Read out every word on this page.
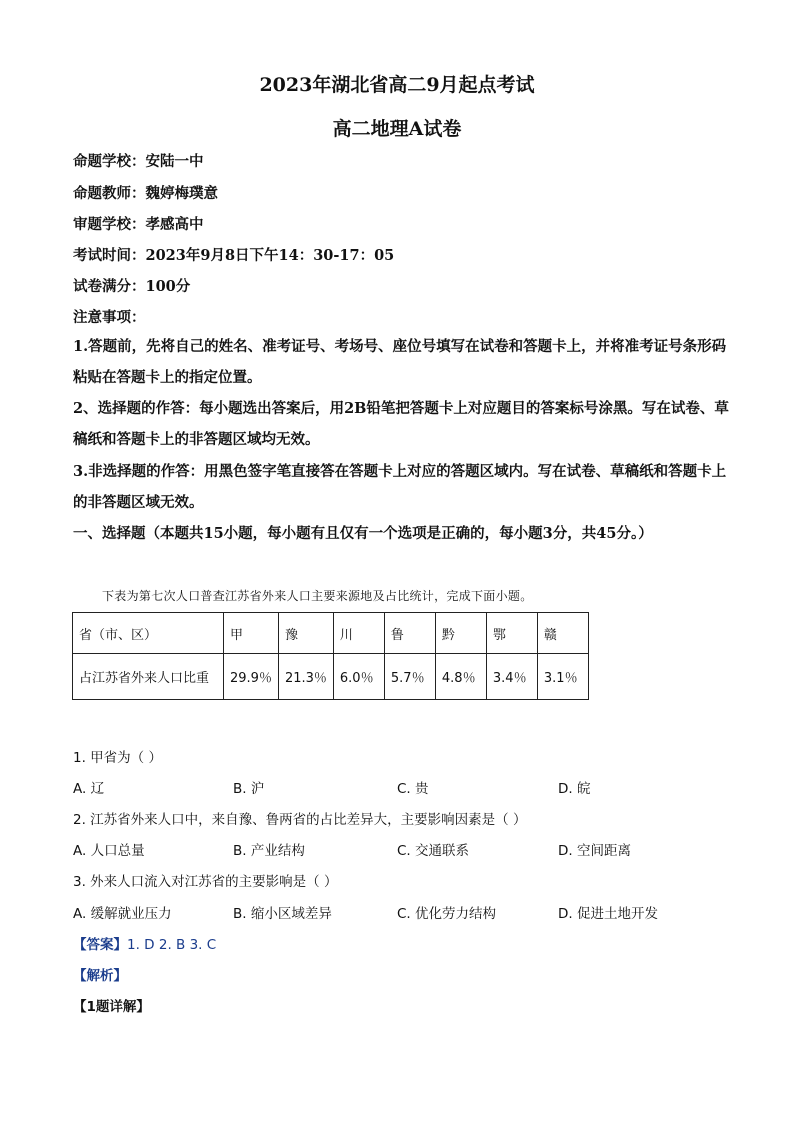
2023年湖北省高二9月起点考试
高二地理A试卷
命题学校：安陆一中
命题教师：魏婷梅璞意
审题学校：孝感高中
考试时间：2023年9月8日下午14：30-17：05
试卷满分：100分
注意事项：
1.答题前，先将自己的姓名、准考证号、考场号、座位号填写在试卷和答题卡上，并将准考证号条形码粘贴在答题卡上的指定位置。
2、选择题的作答：每小题选出答案后，用2B铅笔把答题卡上对应题目的答案标号涂黑。写在试卷、草稿纸和答题卡上的非答题区域均无效。
3.非选择题的作答：用黑色签字笔直接答在答题卡上对应的答题区域内。写在试卷、草稿纸和答题卡上的非答题区域无效。
一、选择题（本题共15小题，每小题有且仅有一个选项是正确的，每小题3分，共45分。）
下表为第七次人口普查江苏省外来人口主要来源地及占比统计，完成下面小题。
省（市、区）	甲	豫	川	鲁	黔	鄂	赣
占江苏省外来人口比重	29.9％	21.3％	6.0％	5.7％	4.8％	3.4％	3.1％
1. 甲省为（ ）
A. 辽	B. 沪	C. 贵	D. 皖
2. 江苏省外来人口中，来自豫、鲁两省的占比差异大，主要影响因素是（ ）
A. 人口总量	B. 产业结构	C. 交通联系	D. 空间距离
3. 外来人口流入对江苏省的主要影响是（ ）
A. 缓解就业压力	B. 缩小区域差异	C. 优化劳力结构	D. 促进土地开发
【答案】1. D 2. B 3. C
【解析】
【1题详解】
